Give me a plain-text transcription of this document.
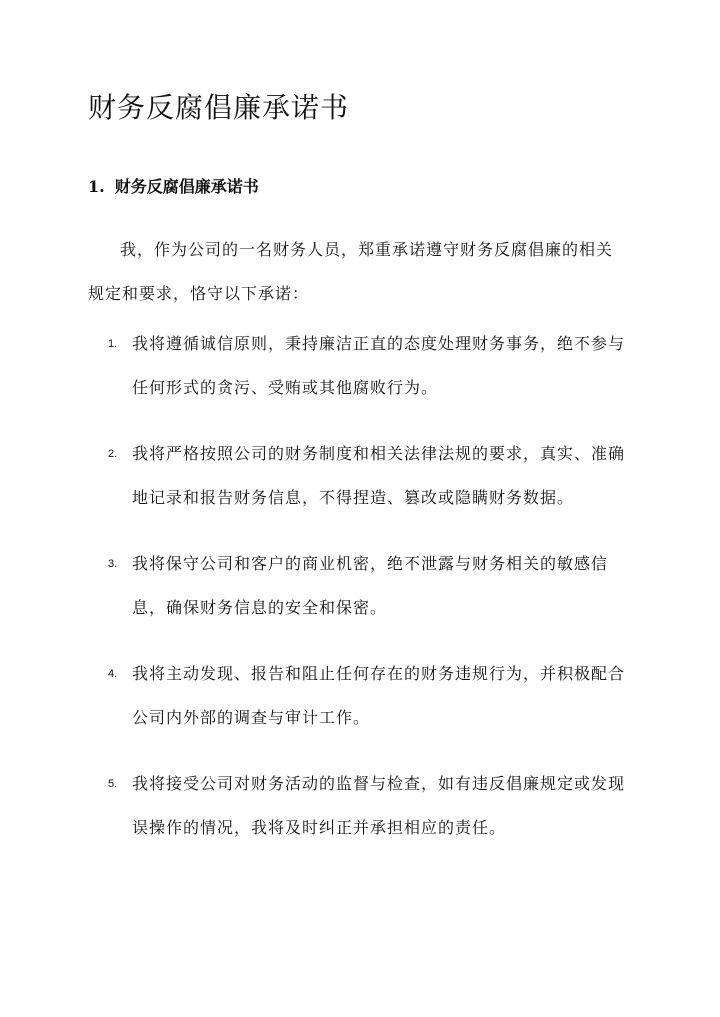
财务反腐倡廉承诺书
1. 财务反腐倡廉承诺书

我，作为公司的一名财务人员，郑重承诺遵守财务反腐倡廉的相关规定和要求，恪守以下承诺：

1. 我将遵循诚信原则，秉持廉洁正直的态度处理财务事务，绝不参与任何形式的贪污、受贿或其他腐败行为。
2. 我将严格按照公司的财务制度和相关法律法规的要求，真实、准确地记录和报告财务信息，不得捏造、篡改或隐瞒财务数据。
3. 我将保守公司和客户的商业机密，绝不泄露与财务相关的敏感信息，确保财务信息的安全和保密。
4. 我将主动发现、报告和阻止任何存在的财务违规行为，并积极配合公司内外部的调查与审计工作。
5. 我将接受公司对财务活动的监督与检查，如有违反倡廉规定或发现误操作的情况，我将及时纠正并承担相应的责任。
